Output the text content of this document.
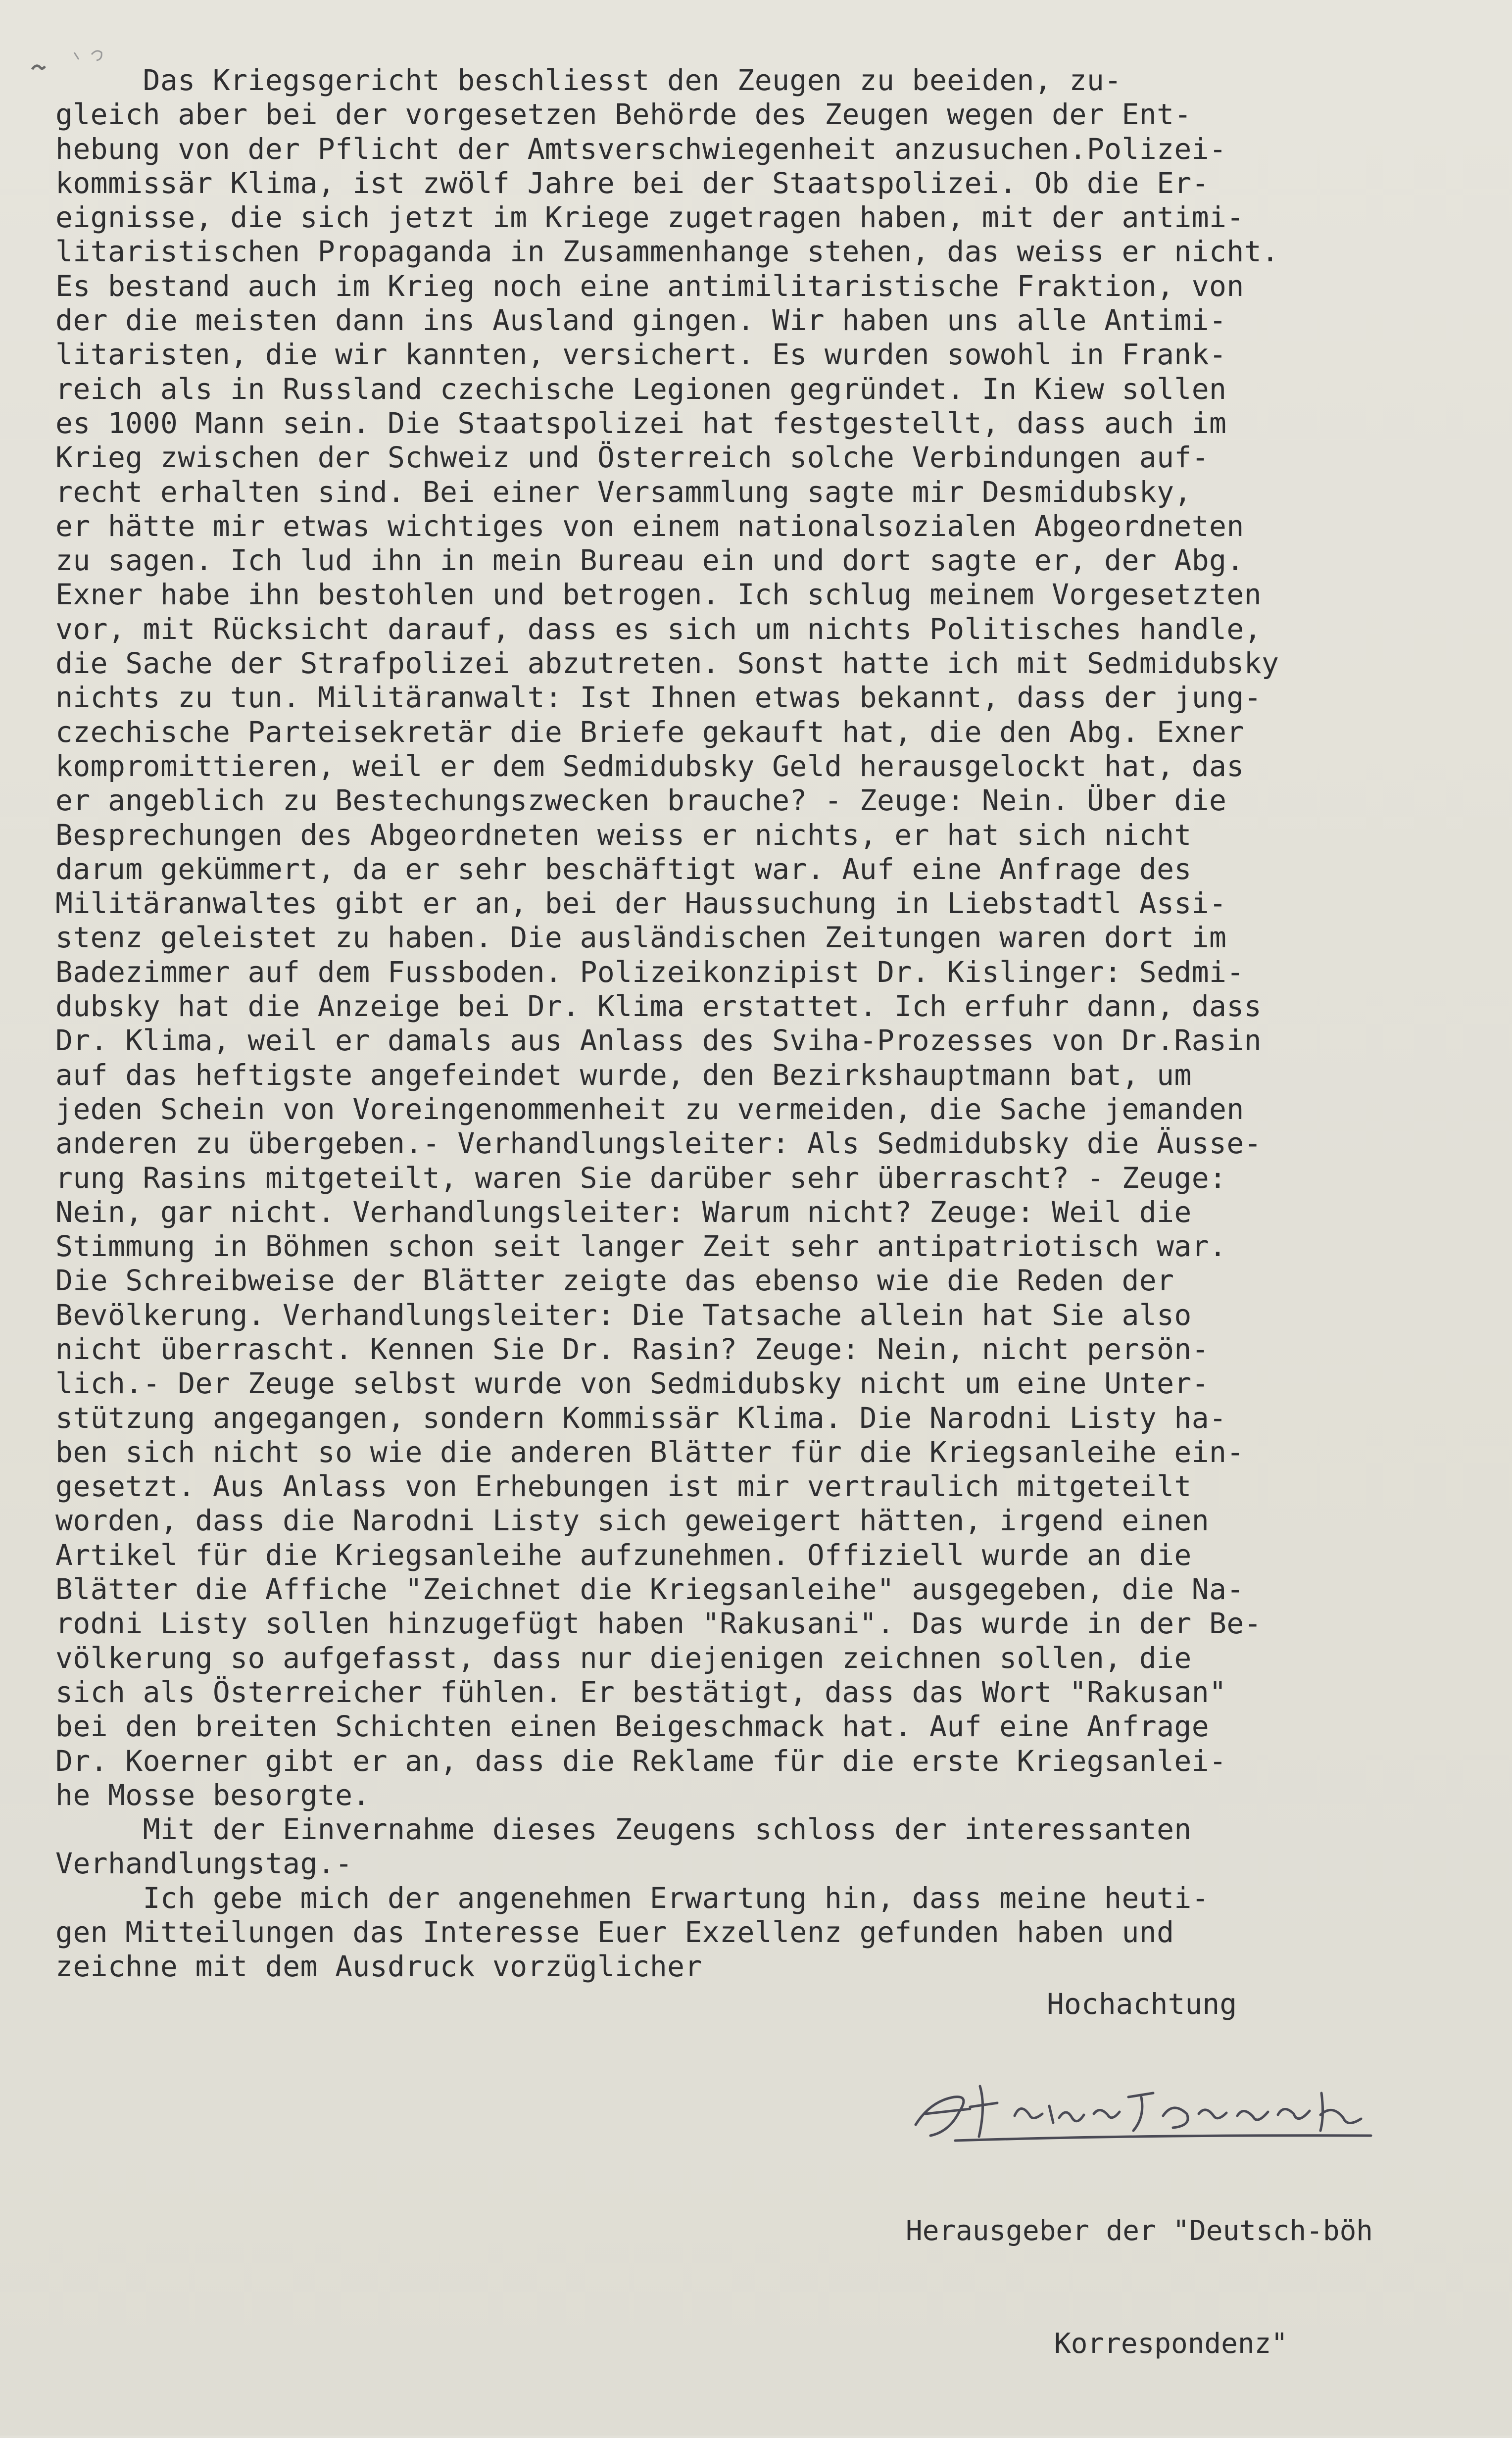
Das Kriegsgericht beschliesst den Zeugen zu beeiden, zu-
gleich aber bei der vorgesetzen Behörde des Zeugen wegen der Ent-
hebung von der Pflicht der Amtsverschwiegenheit anzusuchen.Polizei-
kommissär Klima, ist zwölf Jahre bei der Staatspolizei. Ob die Er-
eignisse, die sich jetzt im Kriege zugetragen haben, mit der antimi-
litaristischen Propaganda in Zusammenhange stehen, das weiss er nicht.
Es bestand auch im Krieg noch eine antimilitaristische Fraktion, von
der die meisten dann ins Ausland gingen. Wir haben uns alle Antimi-
litaristen, die wir kannten, versichert. Es wurden sowohl in Frank-
reich als in Russland czechische Legionen gegründet. In Kiew sollen
es 1000 Mann sein. Die Staatspolizei hat festgestellt, dass auch im
Krieg zwischen der Schweiz und Österreich solche Verbindungen auf-
recht erhalten sind. Bei einer Versammlung sagte mir Desmidubsky,
er hätte mir etwas wichtiges von einem nationalsozialen Abgeordneten
zu sagen. Ich lud ihn in mein Bureau ein und dort sagte er, der Abg.
Exner habe ihn bestohlen und betrogen. Ich schlug meinem Vorgesetzten
vor, mit Rücksicht darauf, dass es sich um nichts Politisches handle,
die Sache der Strafpolizei abzutreten. Sonst hatte ich mit Sedmidubsky
nichts zu tun. Militäranwalt: Ist Ihnen etwas bekannt, dass der jung-
czechische Parteisekretär die Briefe gekauft hat, die den Abg. Exner
kompromittieren, weil er dem Sedmidubsky Geld herausgelockt hat, das
er angeblich zu Bestechungszwecken brauche? - Zeuge: Nein. Über die
Besprechungen des Abgeordneten weiss er nichts, er hat sich nicht
darum gekümmert, da er sehr beschäftigt war. Auf eine Anfrage des
Militäranwaltes gibt er an, bei der Haussuchung in Liebstadtl Assi-
stenz geleistet zu haben. Die ausländischen Zeitungen waren dort im
Badezimmer auf dem Fussboden. Polizeikonzipist Dr. Kislinger: Sedmi-
dubsky hat die Anzeige bei Dr. Klima erstattet. Ich erfuhr dann, dass
Dr. Klima, weil er damals aus Anlass des Sviha-Prozesses von Dr.Rasin
auf das heftigste angefeindet wurde, den Bezirkshauptmann bat, um
jeden Schein von Voreingenommenheit zu vermeiden, die Sache jemanden
anderen zu übergeben.- Verhandlungsleiter: Als Sedmidubsky die Äusse-
rung Rasins mitgeteilt, waren Sie darüber sehr überrascht? - Zeuge:
Nein, gar nicht. Verhandlungsleiter: Warum nicht? Zeuge: Weil die
Stimmung in Böhmen schon seit langer Zeit sehr antipatriotisch war.
Die Schreibweise der Blätter zeigte das ebenso wie die Reden der
Bevölkerung. Verhandlungsleiter: Die Tatsache allein hat Sie also
nicht überrascht. Kennen Sie Dr. Rasin? Zeuge: Nein, nicht persön-
lich.- Der Zeuge selbst wurde von Sedmidubsky nicht um eine Unter-
stützung angegangen, sondern Kommissär Klima. Die Narodni Listy ha-
ben sich nicht so wie die anderen Blätter für die Kriegsanleihe ein-
gesetzt. Aus Anlass von Erhebungen ist mir vertraulich mitgeteilt
worden, dass die Narodni Listy sich geweigert hätten, irgend einen
Artikel für die Kriegsanleihe aufzunehmen. Offiziell wurde an die
Blätter die Affiche "Zeichnet die Kriegsanleihe" ausgegeben, die Na-
rodni Listy sollen hinzugefügt haben "Rakusani". Das wurde in der Be-
völkerung so aufgefasst, dass nur diejenigen zeichnen sollen, die
sich als Österreicher fühlen. Er bestätigt, dass das Wort "Rakusan"
bei den breiten Schichten einen Beigeschmack hat. Auf eine Anfrage
Dr. Koerner gibt er an, dass die Reklame für die erste Kriegsanlei-
he Mosse besorgte.
Mit der Einvernahme dieses Zeugens schloss der interessanten
Verhandlungstag.-
Ich gebe mich der angenehmen Erwartung hin, dass meine heuti-
gen Mitteilungen das Interesse Euer Exzellenz gefunden haben und
zeichne mit dem Ausdruck vorzüglicher
Hochachtung

Herausgeber der "Deutsch-böh

Korrespondenz"
